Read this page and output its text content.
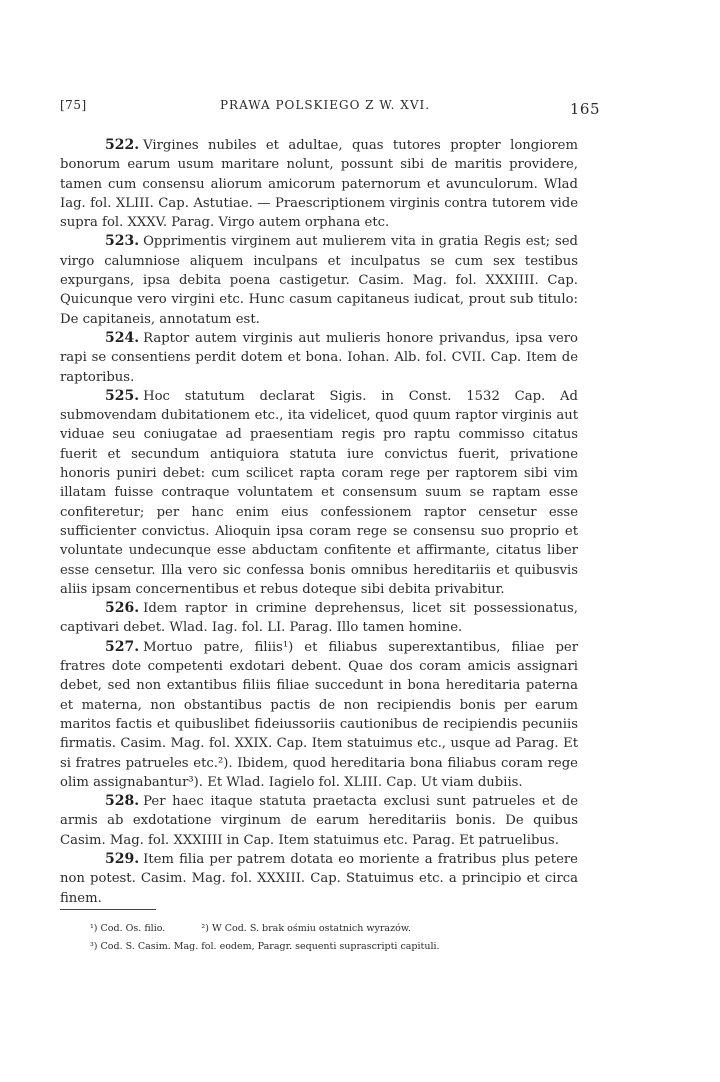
[75]	PRAWA POLSKIEGO Z W. XVI.	165

522. Virgines nubiles et adultae, quas tutores propter longiorem bonorum earum usum maritare nolunt, possunt sibi de maritis providere, tamen cum consensu aliorum amicorum paternorum et avunculorum. Wlad Iag. fol. XLIII. Cap. Astutiae. — Praescriptionem virginis contra tutorem vide supra fol. XXXV. Parag. Virgo autem orphana etc.

523. Opprimentis virginem aut mulierem vita in gratia Regis est; sed virgo calumniose aliquem inculpans et inculpatus se cum sex testibus expurgans, ipsa debita poena castigetur. Casim. Mag. fol. XXXIIII. Cap. Quicunque vero virgini etc. Hunc casum capitaneus iudicat, prout sub titulo: De capitaneis, annotatum est.

524. Raptor autem virginis aut mulieris honore privandus, ipsa vero rapi se consentiens perdit dotem et bona. Iohan. Alb. fol. CVII. Cap. Item de raptoribus.

525. Hoc statutum declarat Sigis. in Const. 1532 Cap. Ad submovendam dubitationem etc., ita videlicet, quod quum raptor virginis aut viduae seu coniugatae ad praesentiam regis pro raptu commisso citatus fuerit et secundum antiquiora statuta iure convictus fuerit, privatione honoris puniri debet: cum scilicet rapta coram rege per raptorem sibi vim illatam fuisse contraque voluntatem et consensum suum se raptam esse confiteretur; per hanc enim eius confessionem raptor censetur esse sufficienter convictus. Alioquin ipsa coram rege se consensu suo proprio et voluntate undecunque esse abductam confitente et affirmante, citatus liber esse censetur. Illa vero sic confessa bonis omnibus hereditariis et quibusvis aliis ipsam concernentibus et rebus doteque sibi debita privabitur.

526. Idem raptor in crimine deprehensus, licet sit possessionatus, captivari debet. Wlad. Iag. fol. LI. Parag. Illo tamen homine.

527. Mortuo patre, filiis¹) et filiabus superextantibus, filiae per fratres dote competenti exdotari debent. Quae dos coram amicis assignari debet, sed non extantibus filiis filiae succedunt in bona hereditaria paterna et materna, non obstantibus pactis de non recipiendis bonis per earum maritos factis et quibuslibet fideiussoriis cautionibus de recipiendis pecuniis firmatis. Casim. Mag. fol. XXIX. Cap. Item statuimus etc., usque ad Parag. Et si fratres patrueles etc.²). Ibidem, quod hereditaria bona filiabus coram rege olim assignabantur³). Et Wlad. Iagielo fol. XLIII. Cap. Ut viam dubiis.

528. Per haec itaque statuta praetacta exclusi sunt patrueles et de armis ab exdotatione virginum de earum hereditariis bonis. De quibus Casim. Mag. fol. XXXIIII in Cap. Item statuimus etc. Parag. Et patruelibus.

529. Item filia per patrem dotata eo moriente a fratribus plus petere non potest. Casim. Mag. fol. XXXIII. Cap. Statuimus etc. a principio et circa finem.

¹) Cod. Os. filio.	²) W Cod. S. brak ośmiu ostatnich wyrazów.
³) Cod. S. Casim. Mag. fol. eodem, Paragr. sequenti suprascripti capituli.
